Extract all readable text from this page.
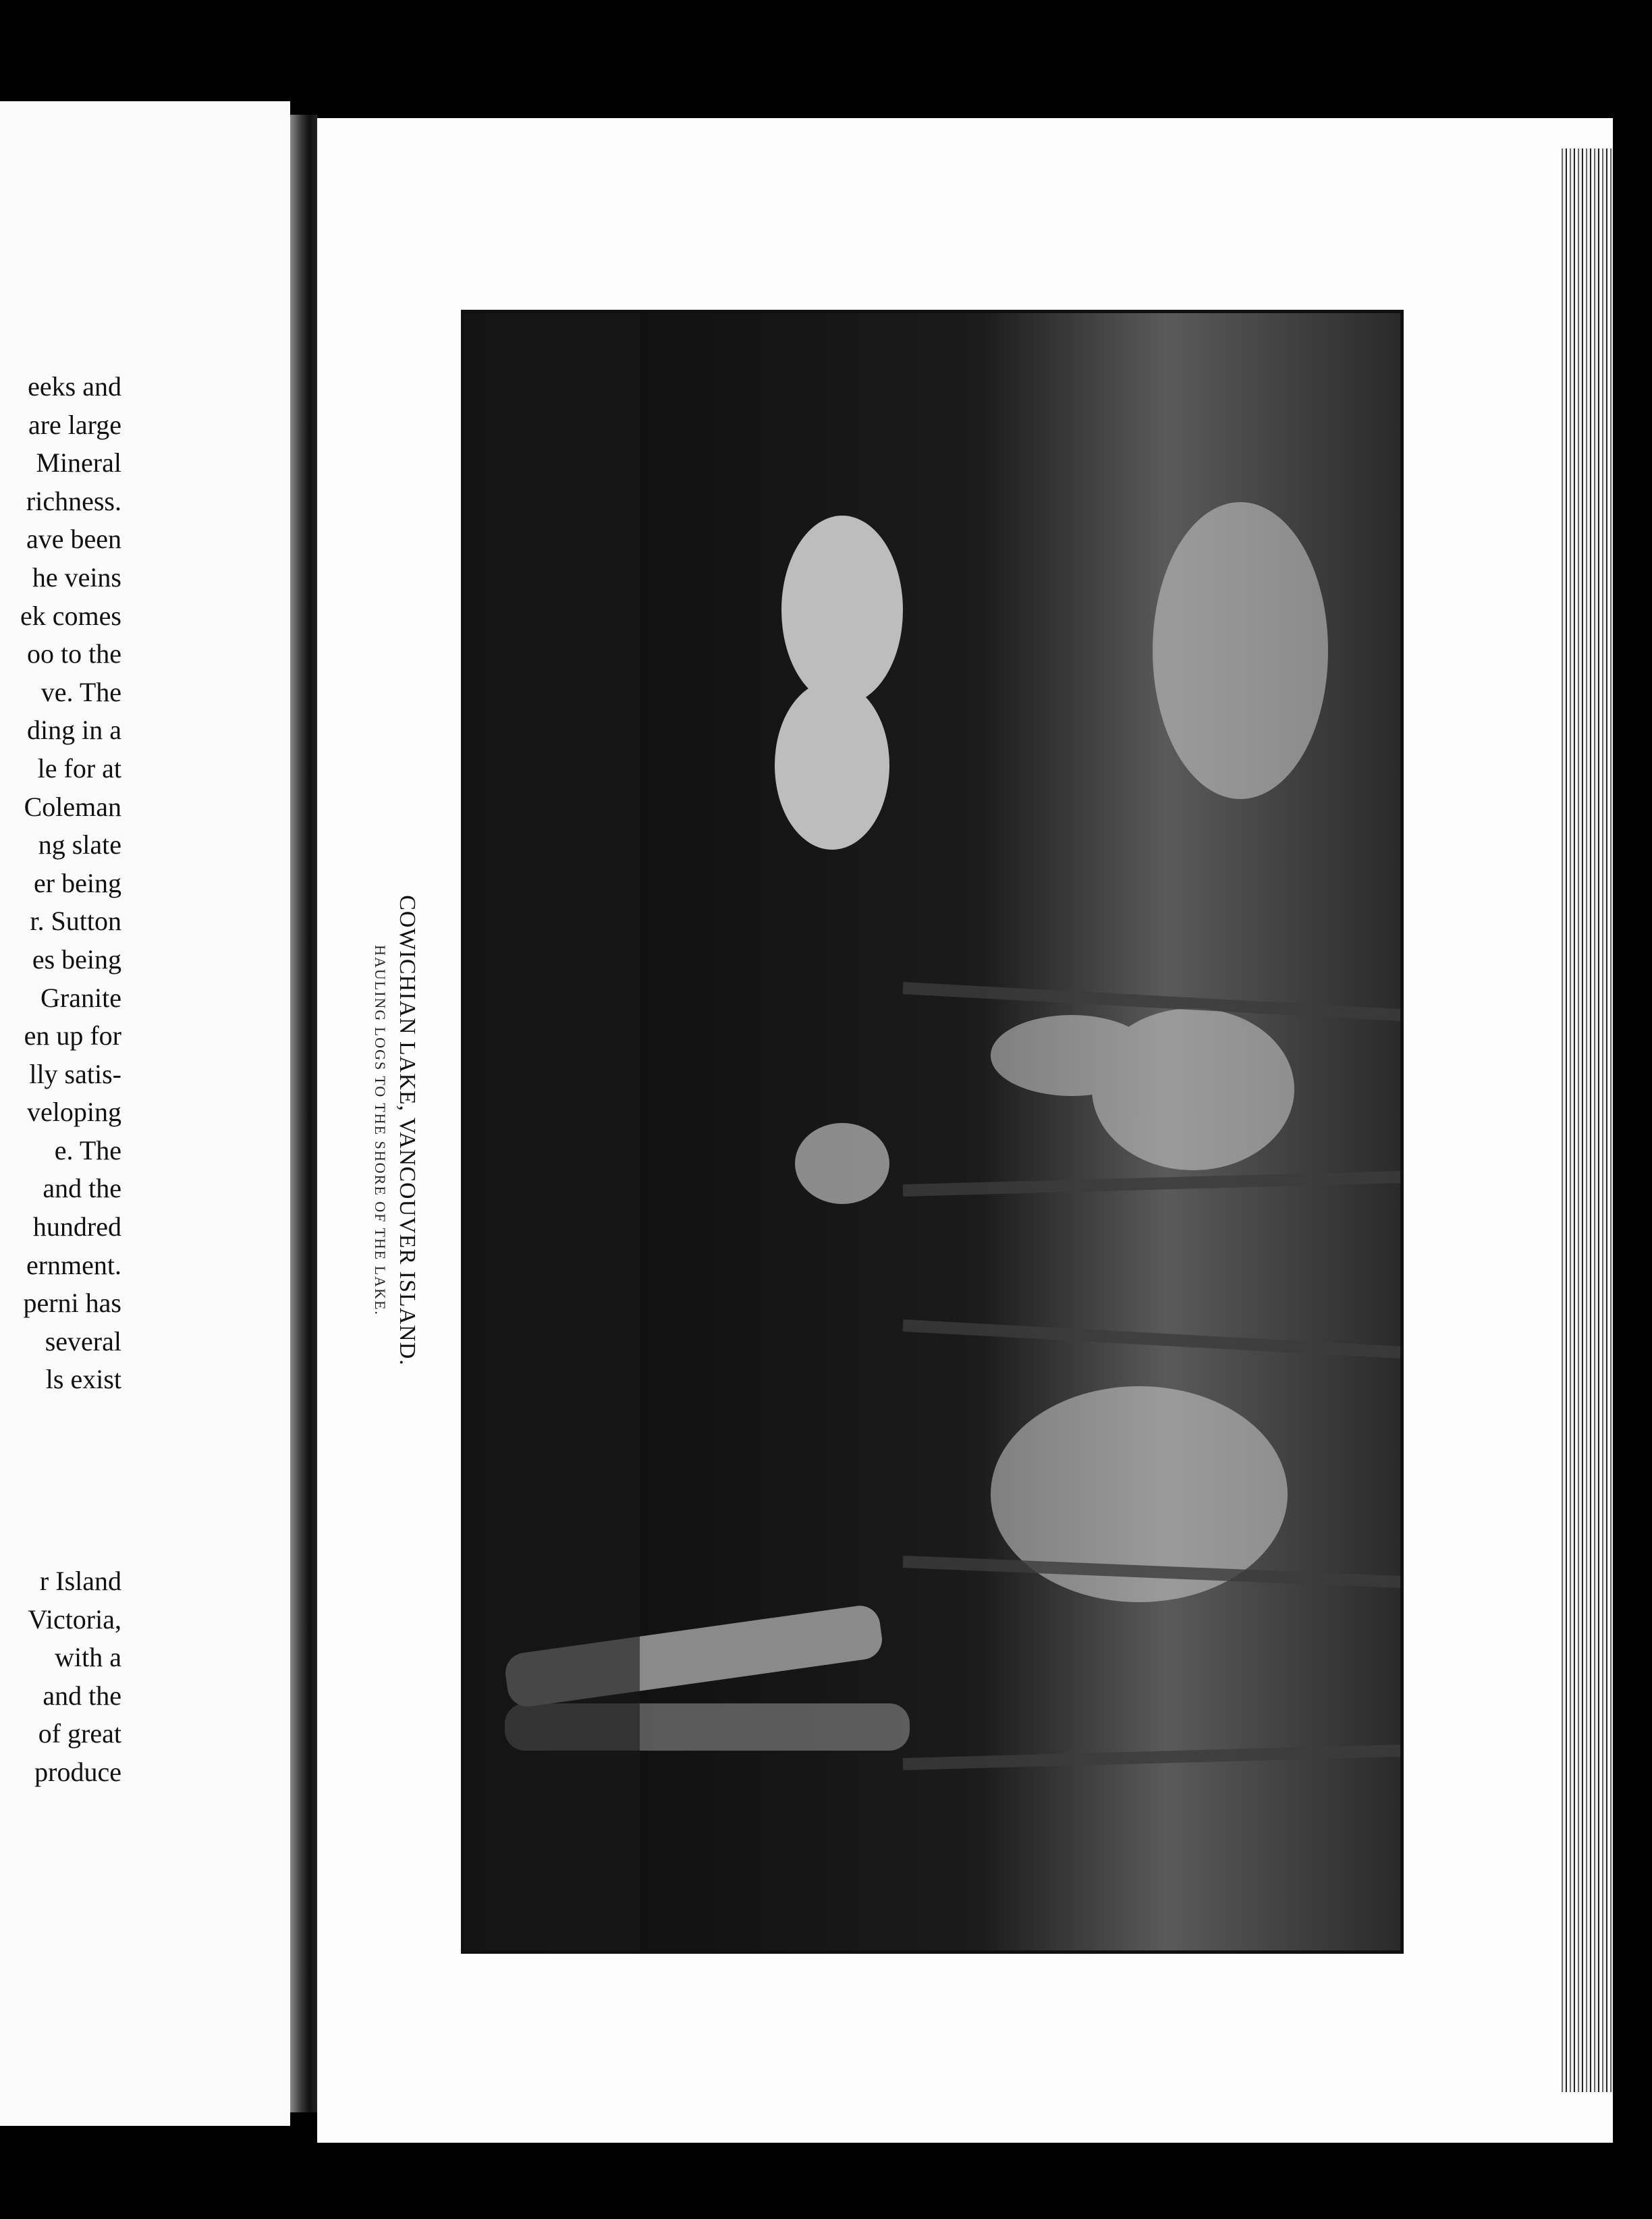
eeks and
are large
Mineral
richness.
ave been
he veins
ek comes
oo to the
ve. The
ding in a
le for at
Coleman
ng slate
er being
r. Sutton
es being
Granite
en up for
lly satis-
veloping
e. The
and the
hundred
ernment.
perni has
several
ls exist
r Island
Victoria,
with a
and the
of great
produce
COWICHIAN LAKE, VANCOUVER ISLAND.
HAULING LOGS TO THE SHORE OF THE LAKE.
